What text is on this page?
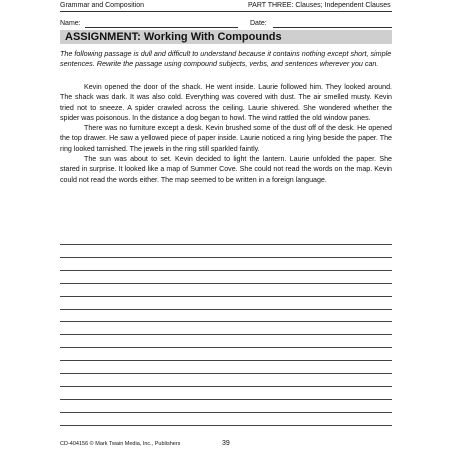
Grammar and Composition	PART THREE: Clauses; Independent Clauses
Name:	Date:
ASSIGNMENT: Working With Compounds

The following passage is dull and difficult to understand because it contains nothing except short, simple sentences. Rewrite the passage using compound subjects, verbs, and sentences wherever you can.

Kevin opened the door of the shack. He went inside. Laurie followed him. They looked around. The shack was dark. It was also cold. Everything was covered with dust. The air smelled musty. Kevin tried not to sneeze. A spider crawled across the ceiling. Laurie shivered. She wondered whether the spider was poisonous. In the distance a dog began to howl. The wind rattled the old window panes.

There was no furniture except a desk. Kevin brushed some of the dust off of the desk. He opened the top drawer. He saw a yellowed piece of paper inside. Laurie noticed a ring lying beside the paper. The ring looked tarnished. The jewels in the ring still sparkled faintly.

The sun was about to set. Kevin decided to light the lantern. Laurie unfolded the paper. She stared in surprise. It looked like a map of Summer Cove. She could not read the words on the map. Kevin could not read the words either. The map seemed to be written in a foreign language.

CD-404156 © Mark Twain Media, Inc., Publishers	39
